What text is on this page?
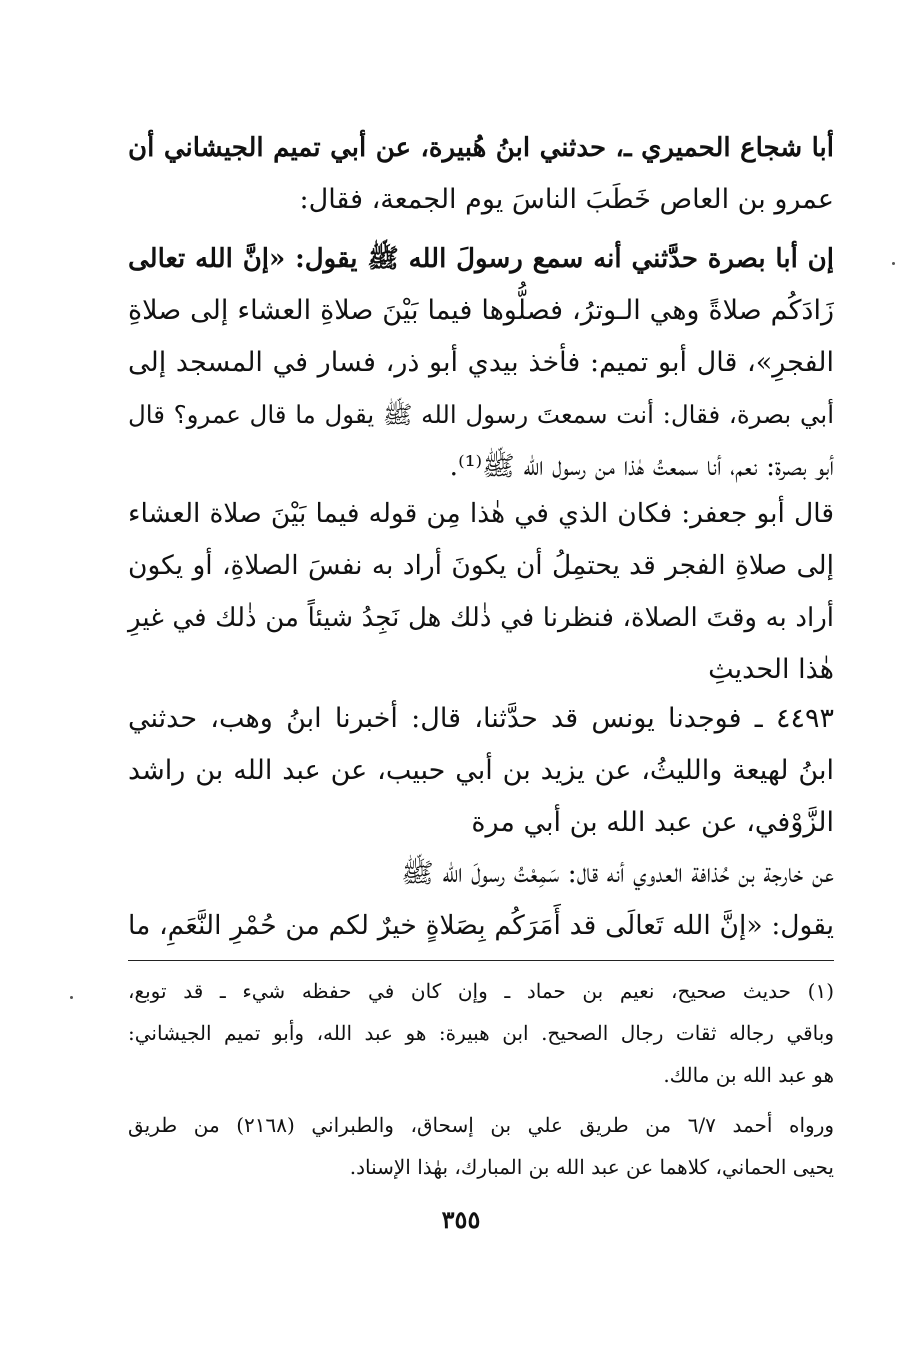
أبا شجاع الحميري ـ، حدثني ابنُ هُبيرة، عن أبي تميم الجيشاني أن
عمرو بن العاص خَطَبَ الناسَ يوم الجمعة، فقال:
إن أبا بصرة حدَّثني أنه سمع رسولَ الله ﷺ يقول: «إنَّ الله تعالى
زَادَكُم صلاةً وهي الـوترُ، فصلُّوها فيما بَيْنَ صلاةِ العشاء إلى صلاةِ
الفجرِ»، قال أبو تميم: فأخذ بيدي أبو ذر، فسار في المسجد إلى
أبي بصرة، فقال: أنت سمعتَ رسول الله ﷺ يقول ما قال عمرو؟ قال
أبو بصرة: نعم، أنا سمعتُ هٰذا من رسول الله ﷺ⁽¹⁾.
قال أبو جعفر: فكان الذي في هٰذا مِن قوله فيما بَيْنَ صلاة العشاء
إلى صلاةِ الفجر قد يحتمِلُ أن يكونَ أراد به نفسَ الصلاةِ، أو يكون
أراد به وقتَ الصلاة، فنظرنا في ذٰلك هل نَجِدُ شيئاً من ذٰلك في غيرِ
هٰذا الحديثِ
٤٤٩٣ ـ فوجدنا يونس قد حدَّثنا، قال: أخبرنا ابنُ وهب، حدثني
ابنُ لهيعة والليثُ، عن يزيد بن أبي حبيب، عن عبد الله بن راشد
الزَّوْفي، عن عبد الله بن أبي مرة
عن خارجة بن حُذافة العدوي أنه قال: سَمِعْتُ رسولَ الله ﷺ
يقول: «إنَّ الله تَعالَى قد أَمَرَكُم بِصَلاةٍ خيرٌ لكم من حُمْرِ النَّعَمِ، ما
(١) حديث صحيح، نعيم بن حماد ـ وإن كان في حفظه شيء ـ قد توبع،
وباقي رجاله ثقات رجال الصحيح. ابن هبيرة: هو عبد الله، وأبو تميم الجيشاني:
هو عبد الله بن مالك.
ورواه أحمد ٦/٧ من طريق علي بن إسحاق، والطبراني (٢١٦٨) من طريق
يحيى الحماني، كلاهما عن عبد الله بن المبارك، بهٰذا الإسناد.
٣٥٥
